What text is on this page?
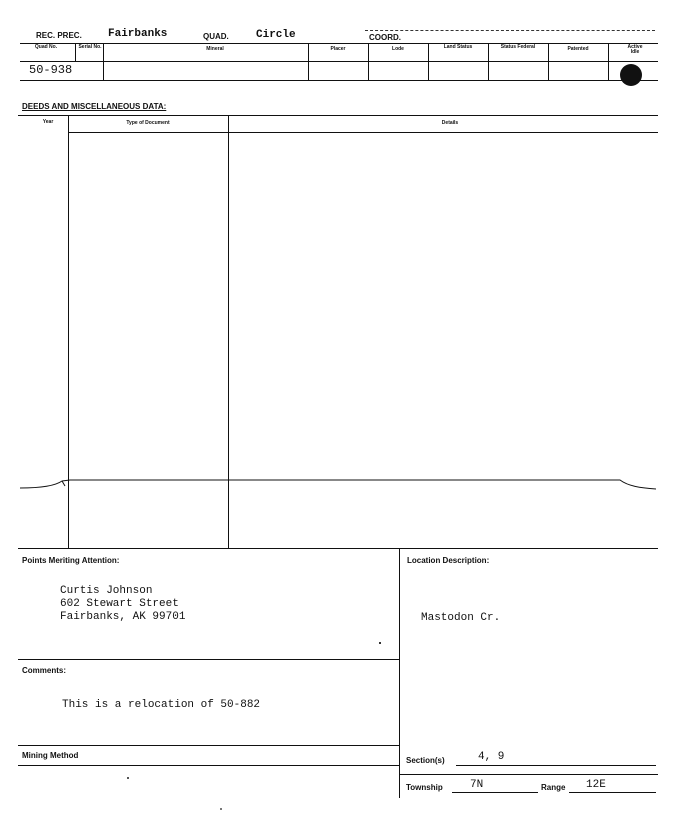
REC. PREC. Fairbanks	QUAD. Circle	COORD.
Quad No.	Serial No.	Mineral	Placer	Lode	Land Status	Status Federal	Patented	Active Idle
50-938
DEEDS AND MISCELLANEOUS DATA:
Year	Type of Document	Details
Points Meriting Attention:
Curtis Johnson
602 Stewart Street
Fairbanks, AK 99701
Location Description:
Mastodon Cr.
Comments:
This is a relocation of 50-882
Mining Method
Section(s)	4, 9
Township 7N	Range 12E
